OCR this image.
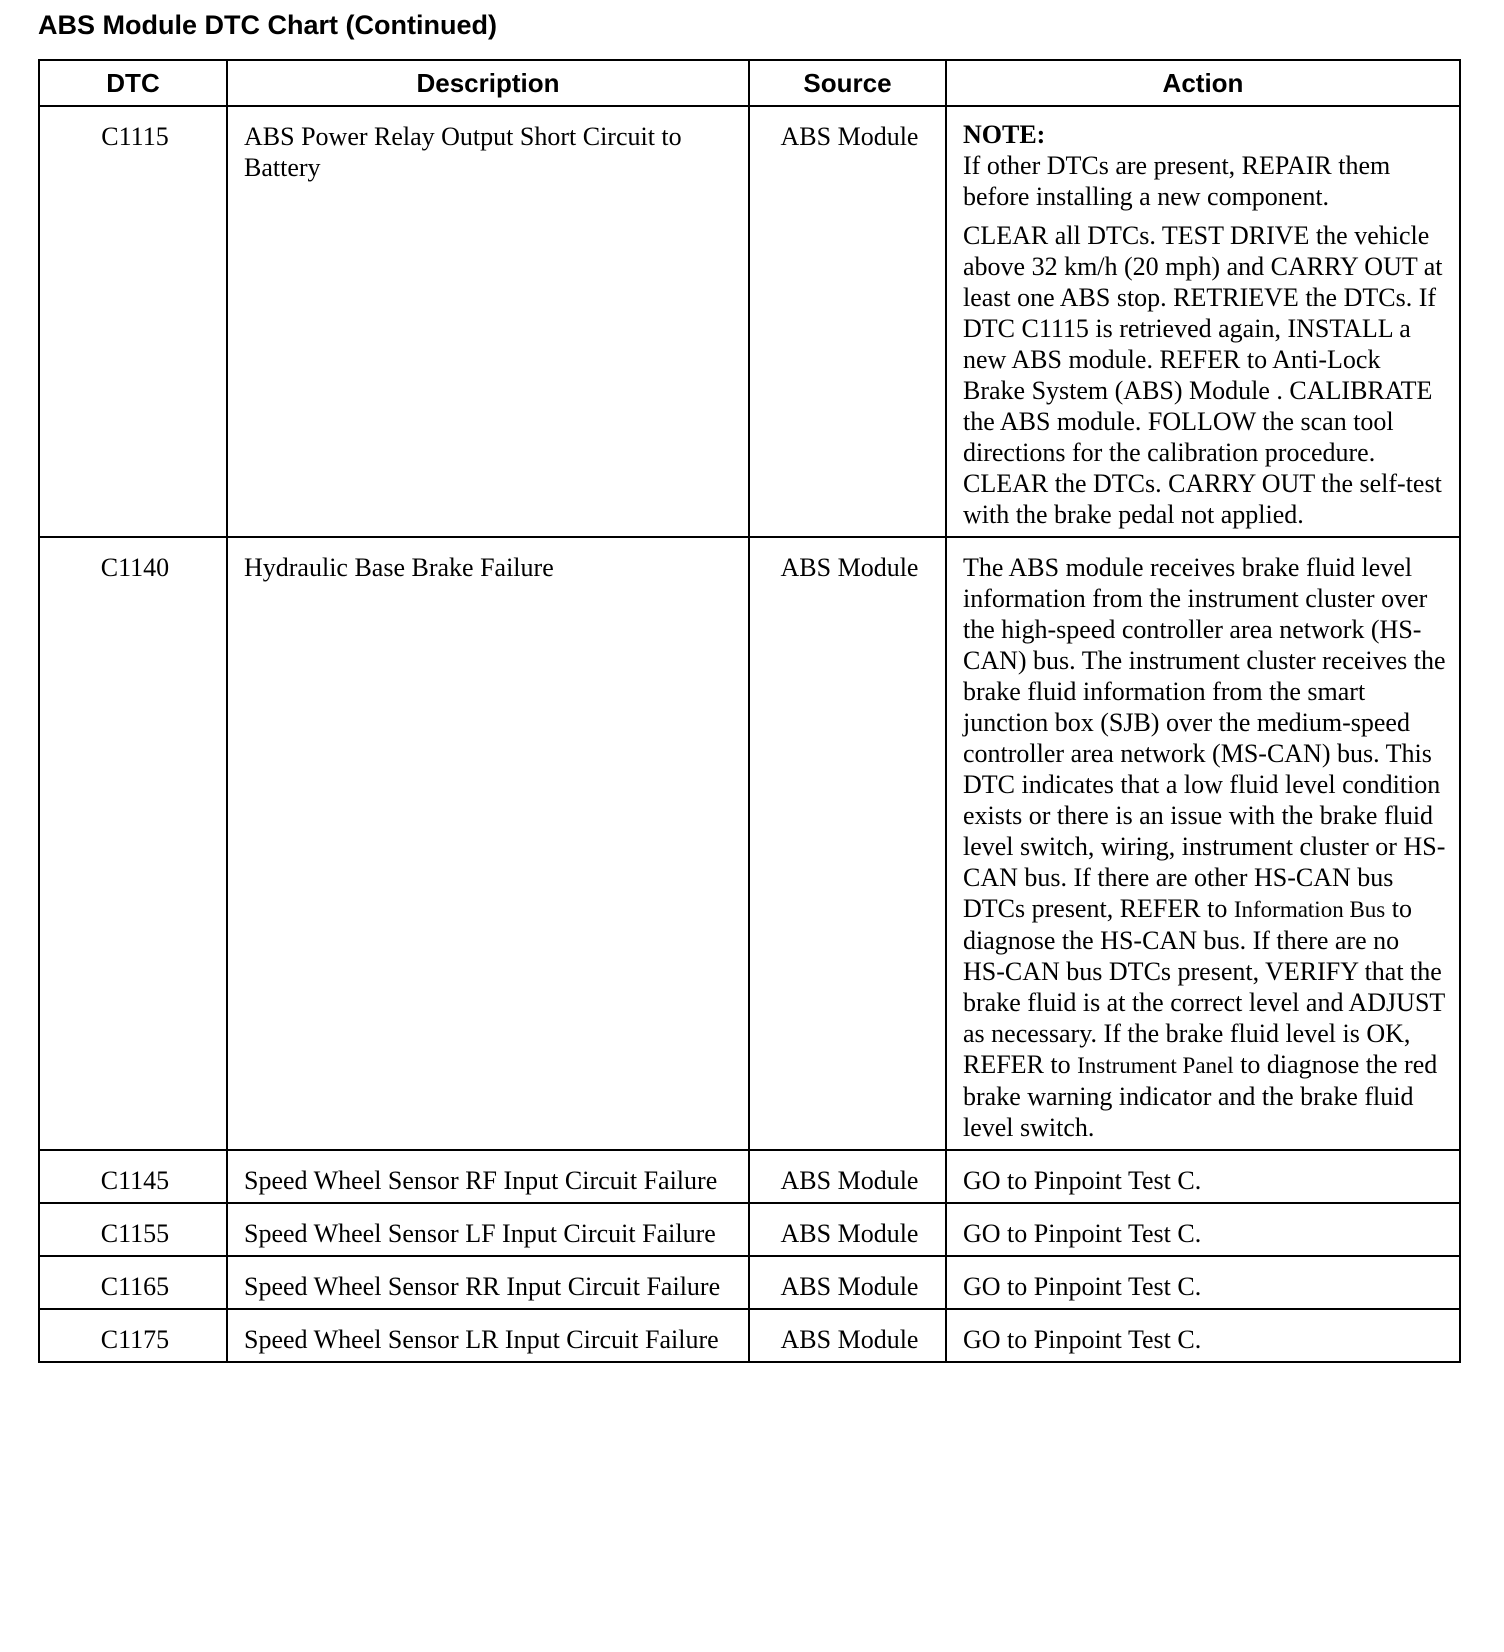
ABS Module DTC Chart (Continued)
DTC	Description	Source	Action
C1115	ABS Power Relay Output Short Circuit to Battery	ABS Module	NOTE:
If other DTCs are present, REPAIR them before installing a new component.

CLEAR all DTCs. TEST DRIVE the vehicle above 32 km/h (20 mph) and CARRY OUT at least one ABS stop. RETRIEVE the DTCs. If DTC C1115 is retrieved again, INSTALL a new ABS module. REFER to Anti-Lock Brake System (ABS) Module . CALIBRATE the ABS module. FOLLOW the scan tool directions for the calibration procedure. CLEAR the DTCs. CARRY OUT the self-test with the brake pedal not applied.

C1140	Hydraulic Base Brake Failure	ABS Module	The ABS module receives brake fluid level information from the instrument cluster over the high-speed controller area network (HS-CAN) bus. The instrument cluster receives the brake fluid information from the smart junction box (SJB) over the medium-speed controller area network (MS-CAN) bus. This DTC indicates that a low fluid level condition exists or there is an issue with the brake fluid level switch, wiring, instrument cluster or HS-CAN bus. If there are other HS-CAN bus DTCs present, REFER to Information Bus to diagnose the HS-CAN bus. If there are no HS-CAN bus DTCs present, VERIFY that the brake fluid is at the correct level and ADJUST as necessary. If the brake fluid level is OK, REFER to Instrument Panel to diagnose the red brake warning indicator and the brake fluid level switch.
C1145	Speed Wheel Sensor RF Input Circuit Failure	ABS Module	GO to Pinpoint Test C.
C1155	Speed Wheel Sensor LF Input Circuit Failure	ABS Module	GO to Pinpoint Test C.
C1165	Speed Wheel Sensor RR Input Circuit Failure	ABS Module	GO to Pinpoint Test C.
C1175	Speed Wheel Sensor LR Input Circuit Failure	ABS Module	GO to Pinpoint Test C.
